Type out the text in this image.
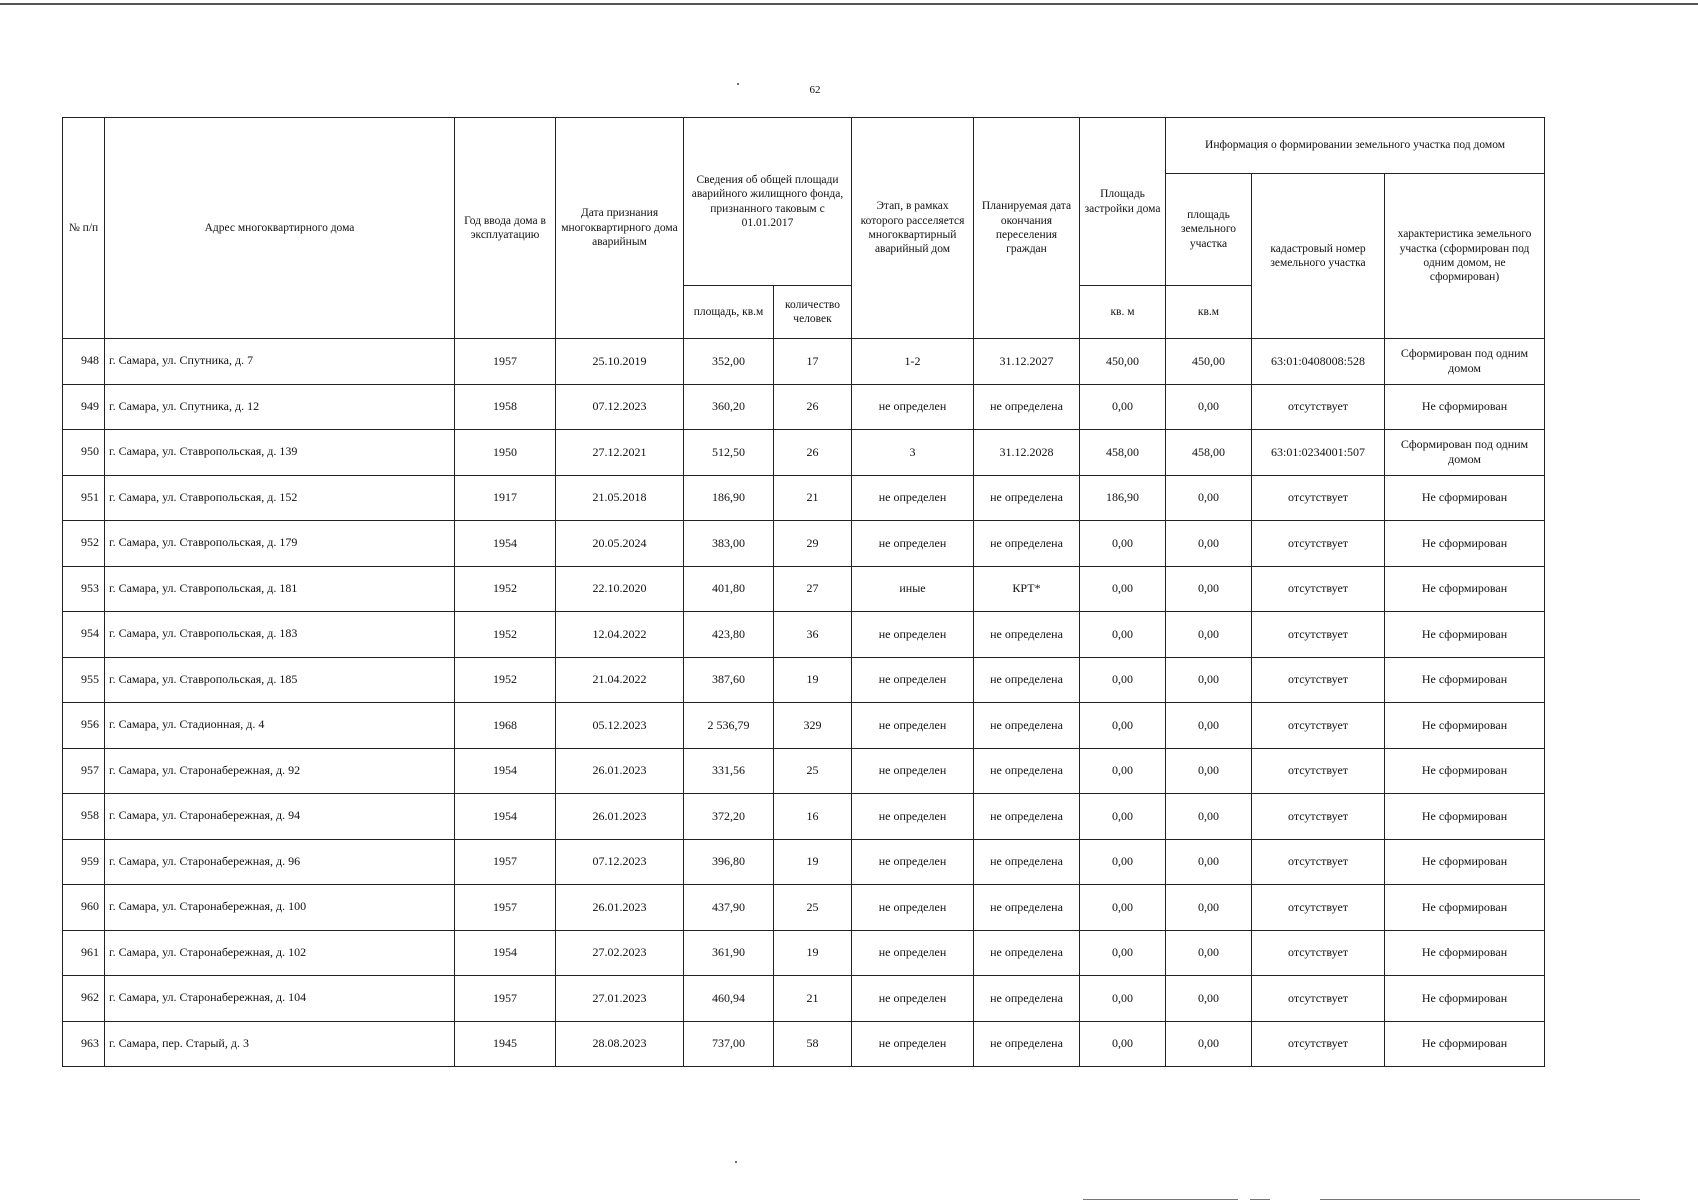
62
№ п/п	Адрес многоквартирного дома	Год ввода дома в эксплуатацию	Дата признания многоквартирного дома аварийным	Сведения об общей площади аварийного жилищного фонда, признанного таковым с 01.01.2017		Этап, в рамках которого расселяется многоквартирный аварийный дом	Планируемая дата окончания переселения граждан	Площадь застройки дома	Информация о формировании земельного участка под домом		
									площадь земельного участка	кадастровый номер земельного участка	характеристика земельного участка (сформирован под одним домом, не сформирован)
				площадь, кв.м	количество человек			кв. м	кв.м		
948	г. Самара, ул. Спутника, д. 7	1957	25.10.2019	352,00	17	1-2	31.12.2027	450,00	450,00	63:01:0408008:528	Сформирован под одним домом
949	г. Самара, ул. Спутника, д. 12	1958	07.12.2023	360,20	26	не определен	не определена	0,00	0,00	отсутствует	Не сформирован
950	г. Самара, ул. Ставропольская, д. 139	1950	27.12.2021	512,50	26	3	31.12.2028	458,00	458,00	63:01:0234001:507	Сформирован под одним домом
951	г. Самара, ул. Ставропольская, д. 152	1917	21.05.2018	186,90	21	не определен	не определена	186,90	0,00	отсутствует	Не сформирован
952	г. Самара, ул. Ставропольская, д. 179	1954	20.05.2024	383,00	29	не определен	не определена	0,00	0,00	отсутствует	Не сформирован
953	г. Самара, ул. Ставропольская, д. 181	1952	22.10.2020	401,80	27	иные	КРТ*	0,00	0,00	отсутствует	Не сформирован
954	г. Самара, ул. Ставропольская, д. 183	1952	12.04.2022	423,80	36	не определен	не определена	0,00	0,00	отсутствует	Не сформирован
955	г. Самара, ул. Ставропольская, д. 185	1952	21.04.2022	387,60	19	не определен	не определена	0,00	0,00	отсутствует	Не сформирован
956	г. Самара, ул. Стадионная, д. 4	1968	05.12.2023	2 536,79	329	не определен	не определена	0,00	0,00	отсутствует	Не сформирован
957	г. Самара, ул. Старонабережная, д. 92	1954	26.01.2023	331,56	25	не определен	не определена	0,00	0,00	отсутствует	Не сформирован
958	г. Самара, ул. Старонабережная, д. 94	1954	26.01.2023	372,20	16	не определен	не определена	0,00	0,00	отсутствует	Не сформирован
959	г. Самара, ул. Старонабережная, д. 96	1957	07.12.2023	396,80	19	не определен	не определена	0,00	0,00	отсутствует	Не сформирован
960	г. Самара, ул. Старонабережная, д. 100	1957	26.01.2023	437,90	25	не определен	не определена	0,00	0,00	отсутствует	Не сформирован
961	г. Самара, ул. Старонабережная, д. 102	1954	27.02.2023	361,90	19	не определен	не определена	0,00	0,00	отсутствует	Не сформирован
962	г. Самара, ул. Старонабережная, д. 104	1957	27.01.2023	460,94	21	не определен	не определена	0,00	0,00	отсутствует	Не сформирован
963	г. Самара, пер. Старый, д. 3	1945	28.08.2023	737,00	58	не определен	не определена	0,00	0,00	отсутствует	Не сформирован
